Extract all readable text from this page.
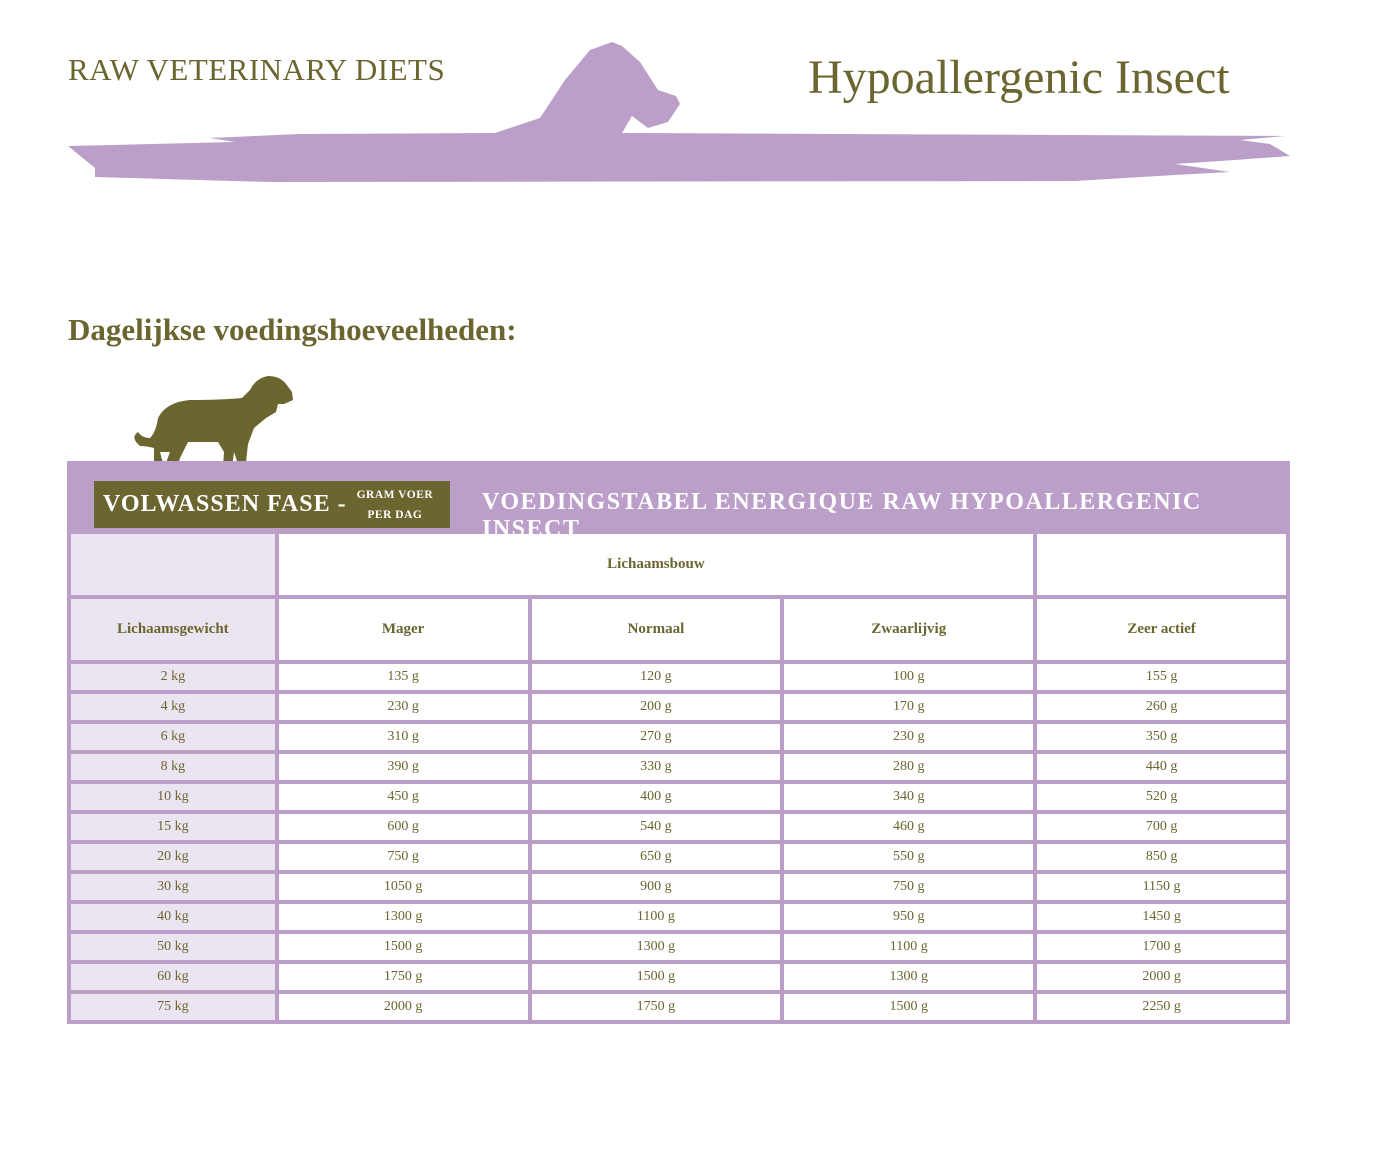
RAW VETERINARY DIETS	Hypoallergenic Insect
Dagelijkse voedingshoeveelheden:
VOLWASSEN FASE - GRAM VOER
PER DAG	VOEDINGSTABEL ENERGIQUE RAW HYPOALLERGENIC INSECT
	Lichaamsbouw			
Lichaamsgewicht	Mager	Normaal	Zwaarlijvig	Zeer actief
2 kg	135 g	120 g	100 g	155 g
4 kg	230 g	200 g	170 g	260 g
6 kg	310 g	270 g	230 g	350 g
8 kg	390 g	330 g	280 g	440 g
10 kg	450 g	400 g	340 g	520 g
15 kg	600 g	540 g	460 g	700 g
20 kg	750 g	650 g	550 g	850 g
30 kg	1050 g	900 g	750 g	1150 g
40 kg	1300 g	1100 g	950 g	1450 g
50 kg	1500 g	1300 g	1100 g	1700 g
60 kg	1750 g	1500 g	1300 g	2000 g
75 kg	2000 g	1750 g	1500 g	2250 g
